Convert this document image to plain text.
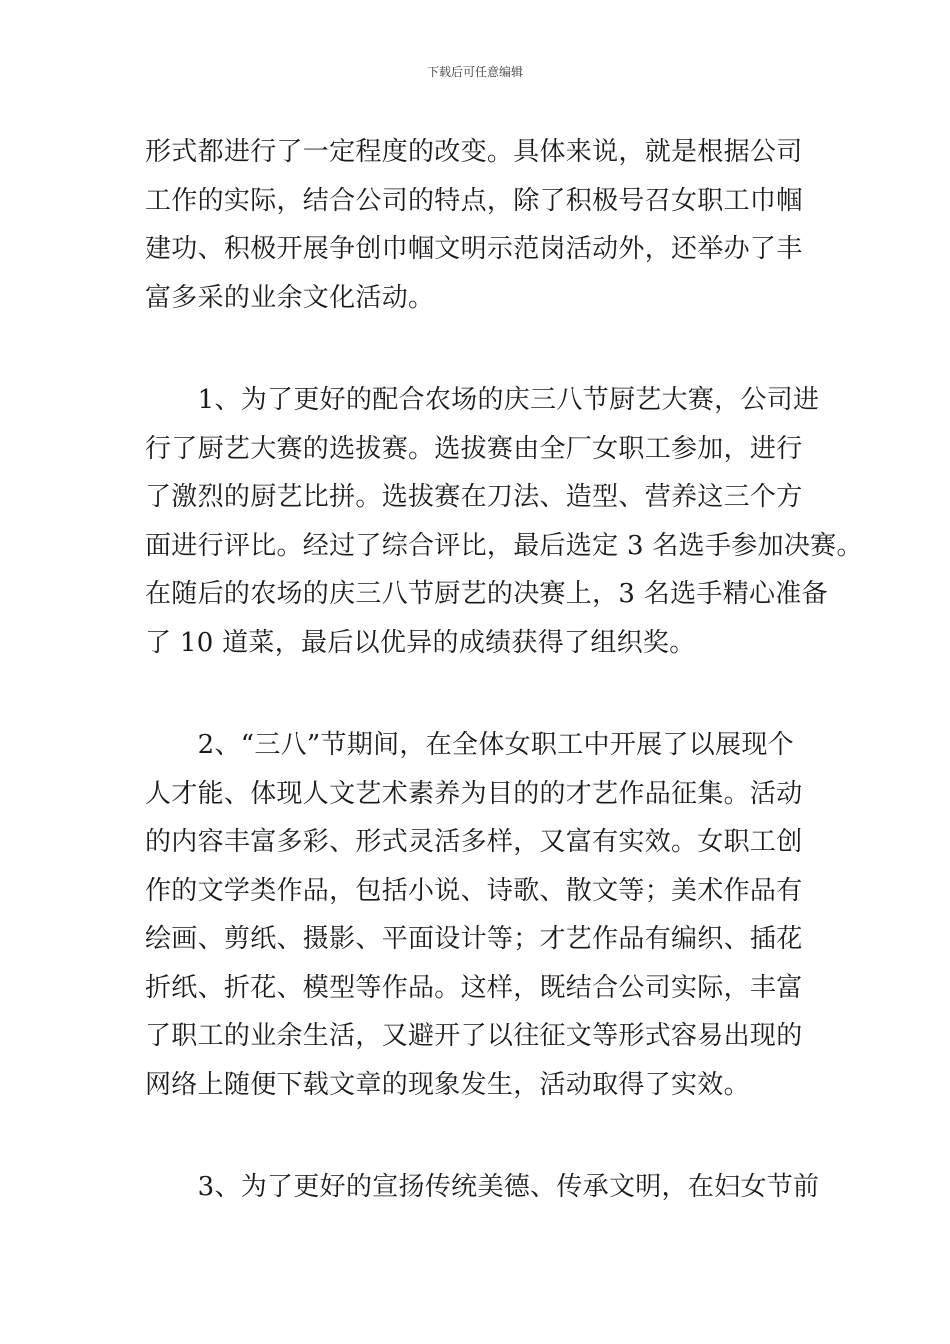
下载后可任意编辑

形式都进行了一定程度的改变。具体来说，就是根据公司
工作的实际，结合公司的特点，除了积极号召女职工巾帼
建功、积极开展争创巾帼文明示范岗活动外，还举办了丰
富多采的业余文化活动。

　　1、为了更好的配合农场的庆三八节厨艺大赛，公司进
行了厨艺大赛的选拔赛。选拔赛由全厂女职工参加，进行
了激烈的厨艺比拼。选拔赛在刀法、造型、营养这三个方
面进行评比。经过了综合评比，最后选定 3 名选手参加决赛。
在随后的农场的庆三八节厨艺的决赛上，3 名选手精心准备
了 10 道菜，最后以优异的成绩获得了组织奖。

　　2、“三八”节期间，在全体女职工中开展了以展现个
人才能、体现人文艺术素养为目的的才艺作品征集。活动
的内容丰富多彩、形式灵活多样，又富有实效。女职工创
作的文学类作品，包括小说、诗歌、散文等；美术作品有
绘画、剪纸、摄影、平面设计等；才艺作品有编织、插花
折纸、折花、模型等作品。这样，既结合公司实际，丰富
了职工的业余生活，又避开了以往征文等形式容易出现的
网络上随便下载文章的现象发生，活动取得了实效。

　　3、为了更好的宣扬传统美德、传承文明，在妇女节前
